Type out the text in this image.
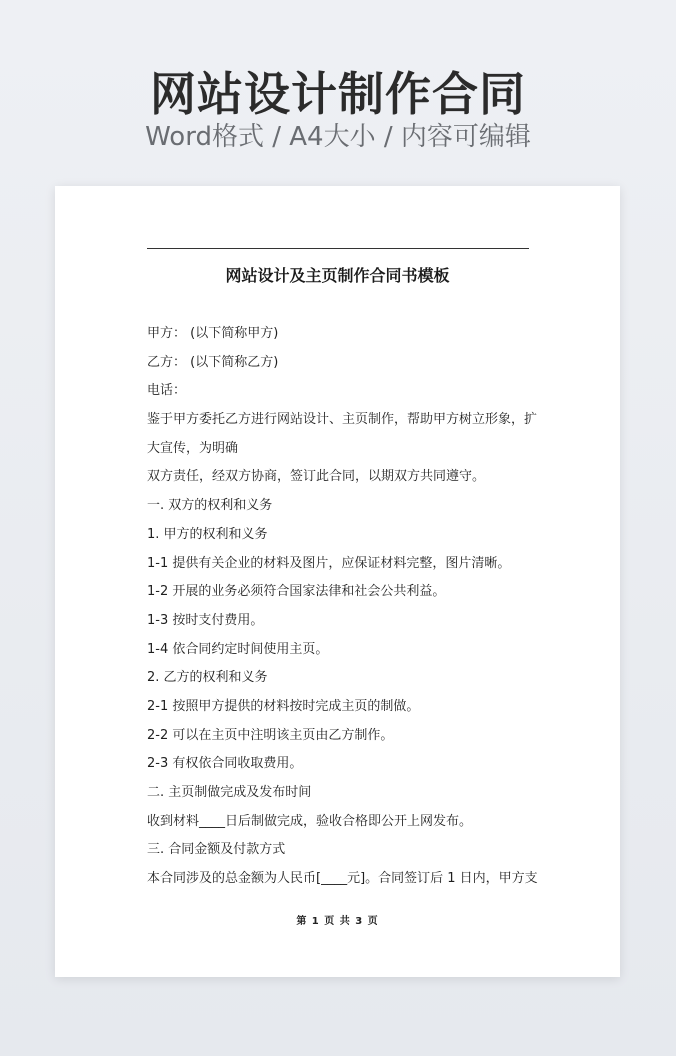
网站设计制作合同
Word格式 / A4大小 / 内容可编辑
网站设计及主页制作合同书模板
甲方： (以下简称甲方)
乙方： (以下简称乙方)
电话：
鉴于甲方委托乙方进行网站设计、主页制作，帮助甲方树立形象，扩
大宣传，为明确
双方责任，经双方协商，签订此合同，以期双方共同遵守。
一. 双方的权利和义务
1. 甲方的权利和义务
1-1 提供有关企业的材料及图片，应保证材料完整，图片清晰。
1-2 开展的业务必须符合国家法律和社会公共利益。
1-3 按时支付费用。
1-4 依合同约定时间使用主页。
2. 乙方的权利和义务
2-1 按照甲方提供的材料按时完成主页的制做。
2-2 可以在主页中注明该主页由乙方制作。
2-3 有权依合同收取费用。
二. 主页制做完成及发布时间
收到材料____日后制做完成，验收合格即公开上网发布。
三. 合同金额及付款方式
本合同涉及的总金额为人民币[____元]。合同签订后 1 日内，甲方支
第 1 页 共 3 页
